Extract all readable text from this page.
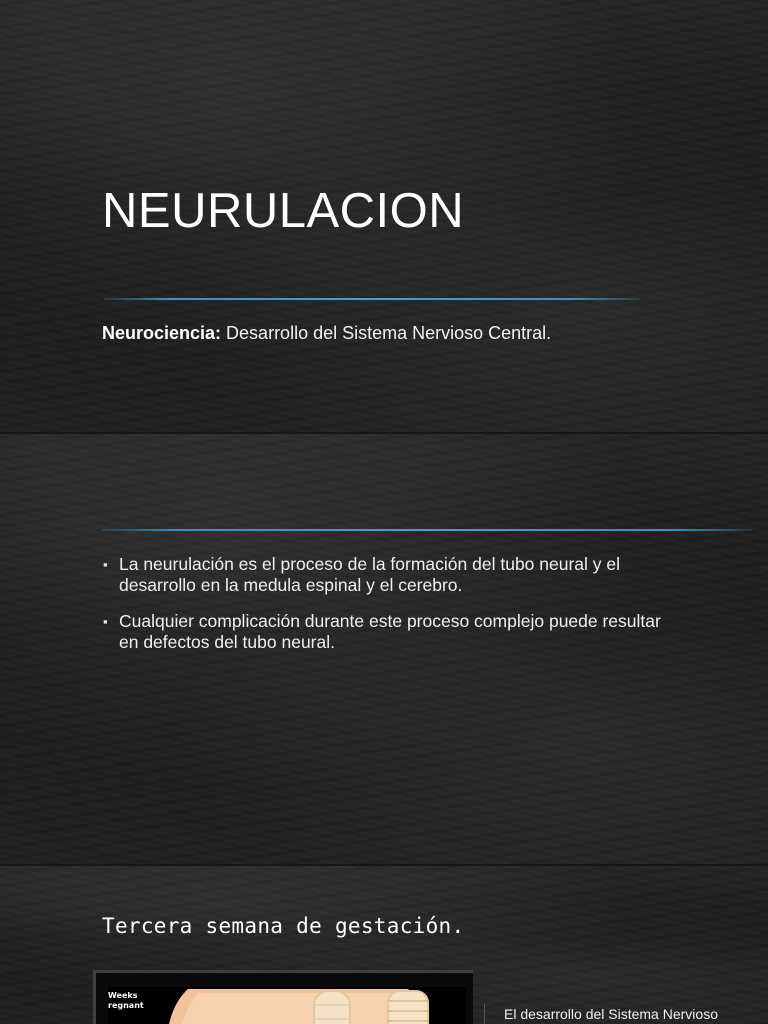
NEURULACION
Neurociencia: Desarrollo del Sistema Nervioso Central.
▪ La neurulación es el proceso de la formación del tubo neural y el desarrollo en la medula espinal y el cerebro.
▪ Cualquier complicación durante este proceso complejo puede resultar en defectos del tubo neural.
Tercera semana de gestación.
Weeks
regnant
El desarrollo del Sistema Nervioso
